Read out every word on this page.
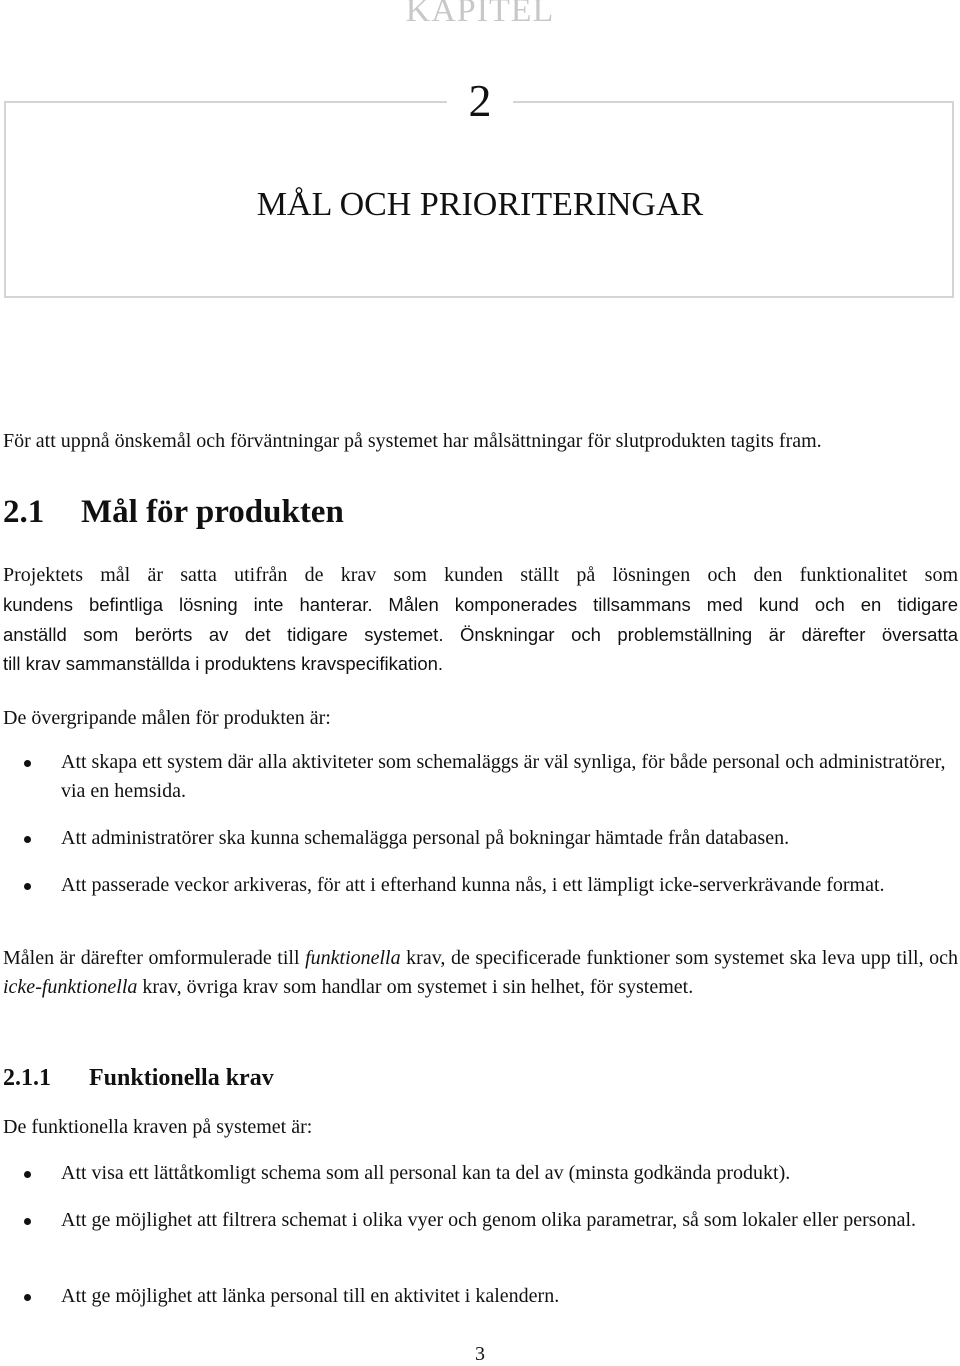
KAPITEL
2
MÅL OCH PRIORITERINGAR
För att uppnå önskemål och förväntningar på systemet har målsättningar för slutprodukten tagits fram.
2.1 Mål för produkten
Projektets mål är satta utifrån de krav som kunden ställt på lösningen och den funktionalitet som
kundens befintliga lösning inte hanterar. Målen komponerades tillsammans med kund och en tidigare
anställd som berörts av det tidigare systemet. Önskningar och problemställning är därefter översatta
till krav sammanställda i produktens kravspecifikation.
De övergripande målen för produkten är:
Att skapa ett system där alla aktiviteter som schemaläggs är väl synliga, för både personal och administratörer, via en hemsida.
Att administratörer ska kunna schemalägga personal på bokningar hämtade från databasen.
Att passerade veckor arkiveras, för att i efterhand kunna nås, i ett lämpligt icke-serverkrävande format.
Målen är därefter omformulerade till funktionella krav, de specificerade funktioner som systemet ska leva upp till, och icke-funktionella krav, övriga krav som handlar om systemet i sin helhet, för systemet.
2.1.1 Funktionella krav
De funktionella kraven på systemet är:
Att visa ett lättåtkomligt schema som all personal kan ta del av (minsta godkända produkt).
Att ge möjlighet att filtrera schemat i olika vyer och genom olika parametrar, så som lokaler eller personal.
Att ge möjlighet att länka personal till en aktivitet i kalendern.
3
